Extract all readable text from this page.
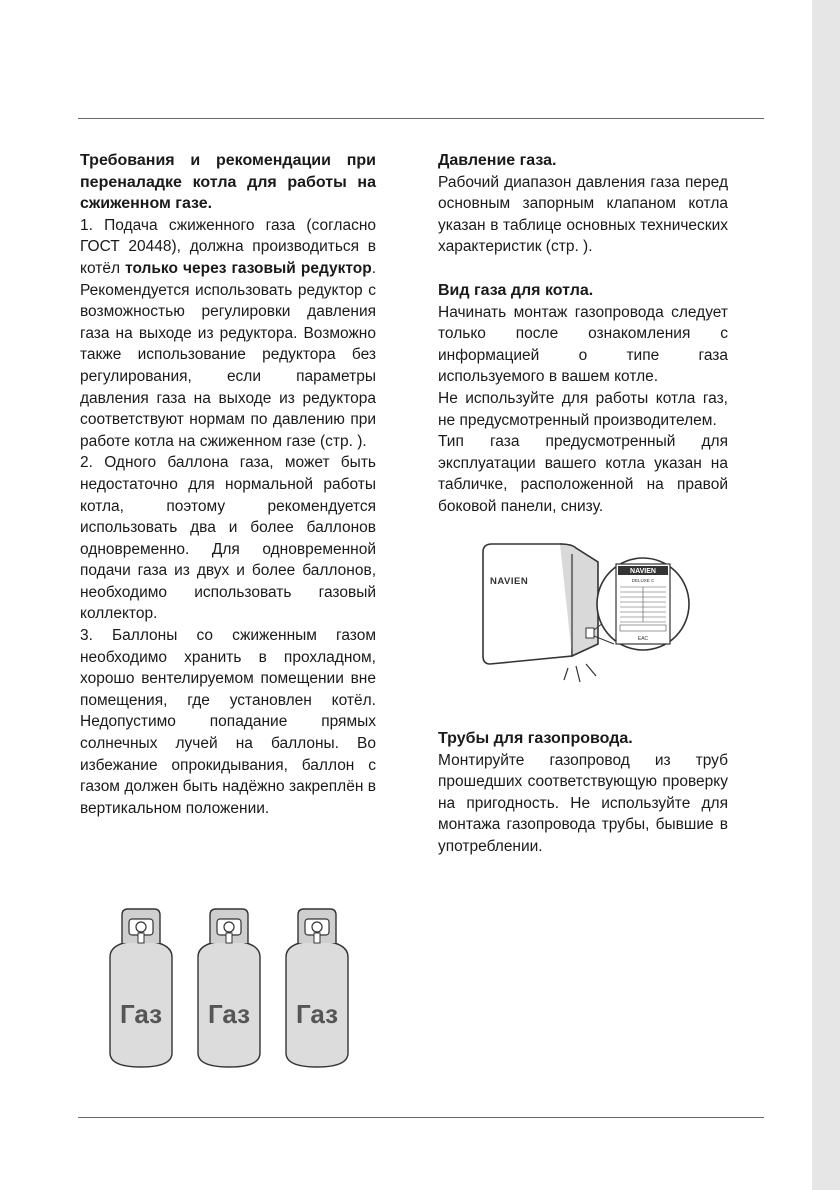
Требования и рекомендации при переналадке котла для работы на сжиженном газе.

1. Подача сжиженного газа (согласно ГОСТ 20448), должна производиться в котёл только через газовый редуктор. Рекомендуется использовать редуктор с возможностью регулировки давления газа на выходе из редуктора. Возможно также использование редуктора без регулирования, если параметры давления газа на выходе из редуктора соответствуют нормам по давлению при работе котла на сжиженном газе (стр. ).

2. Одного баллона газа, может быть недостаточно для нормальной работы котла, поэтому рекомендуется использовать два и более баллонов одновременно. Для одновременной подачи газа из двух и более баллонов, необходимо использовать газовый коллектор.

3. Баллоны со сжиженным газом необходимо хранить в прохладном, хорошо вентелируемом помещении вне помещения, где установлен котёл. Недопустимо попадание прямых солнечных лучей на баллоны. Во избежание опрокидывания, баллон с газом должен быть надёжно закреплён в вертикальном положении.

Давление газа.

Рабочий диапазон давления газа перед основным запорным клапаном котла указан в таблице основных технических характеристик (стр. ).

Вид газа для котла.

Начинать монтаж газопровода следует только после ознакомления с информацией о типе газа используемого в вашем котле.

Не используйте для работы котла газ, не предусмотренный производителем.

Тип газа предусмотренный для эксплуатации вашего котла указан на табличке, расположенной на правой боковой панели, снизу.

Трубы для газопровода.

Монтируйте газопровод из труб прошедших соответствующую проверку на пригодность. Не используйте для монтажа газопровода трубы, бывшие в употреблении.

NAVIEN
NAVIEN
DELUXE C
EAC
Газ Газ Газ
